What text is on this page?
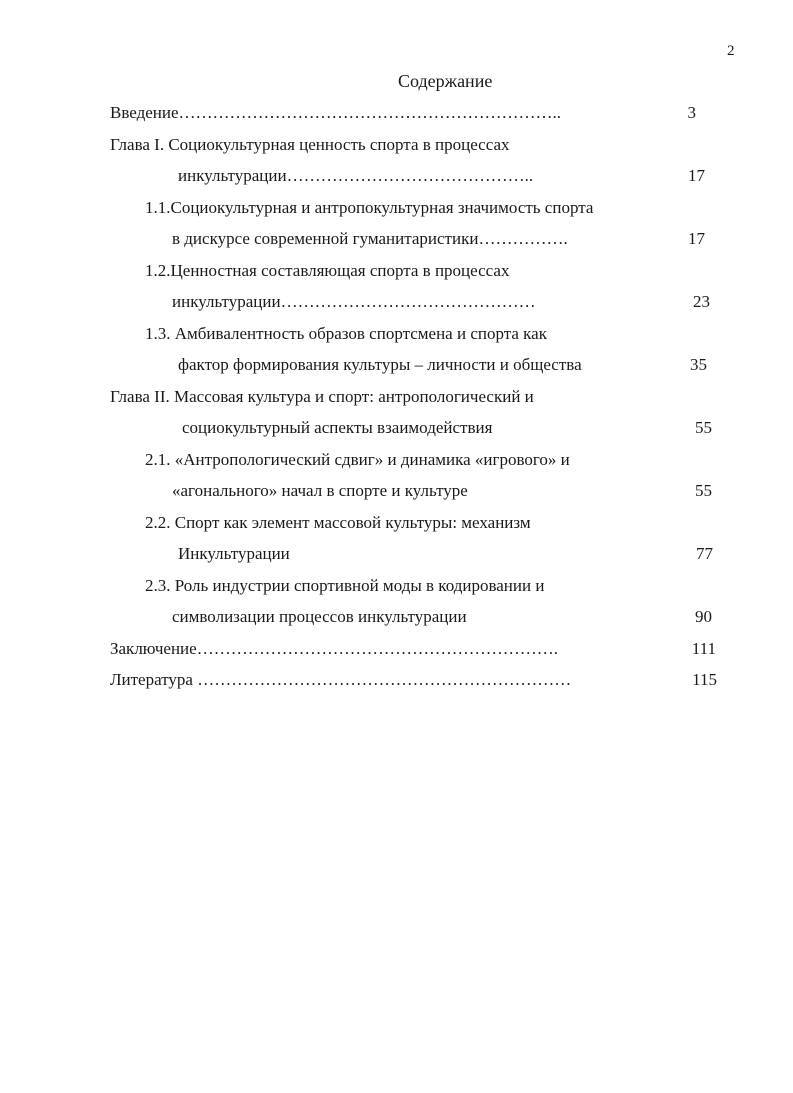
2
Содержание
Введение…………………………………………………………..	3
Глава I. Социокультурная ценность спорта в процессах
инкультурации……………………………………..	17
1.1.Социокультурная и антропокультурная значимость спорта
в дискурсе современной гуманитаристики…………….	17
1.2.Ценностная составляющая спорта в процессах
инкультурации………………………………………	23
1.3. Амбивалентность образов спортсмена и спорта как
фактор формирования культуры – личности и общества	35
Глава II. Массовая культура и спорт: антропологический и
социокультурный аспекты взаимодействия	55
2.1. «Антропологический сдвиг» и динамика «игрового» и
«агонального» начал в спорте и культуре	55
2.2. Спорт как элемент массовой культуры: механизм
Инкультурации	77
2.3. Роль индустрии спортивной моды в кодировании и
символизации процессов инкультурации	90
Заключение……………………………………………………….	111
Литература …………………………………………………………	115
